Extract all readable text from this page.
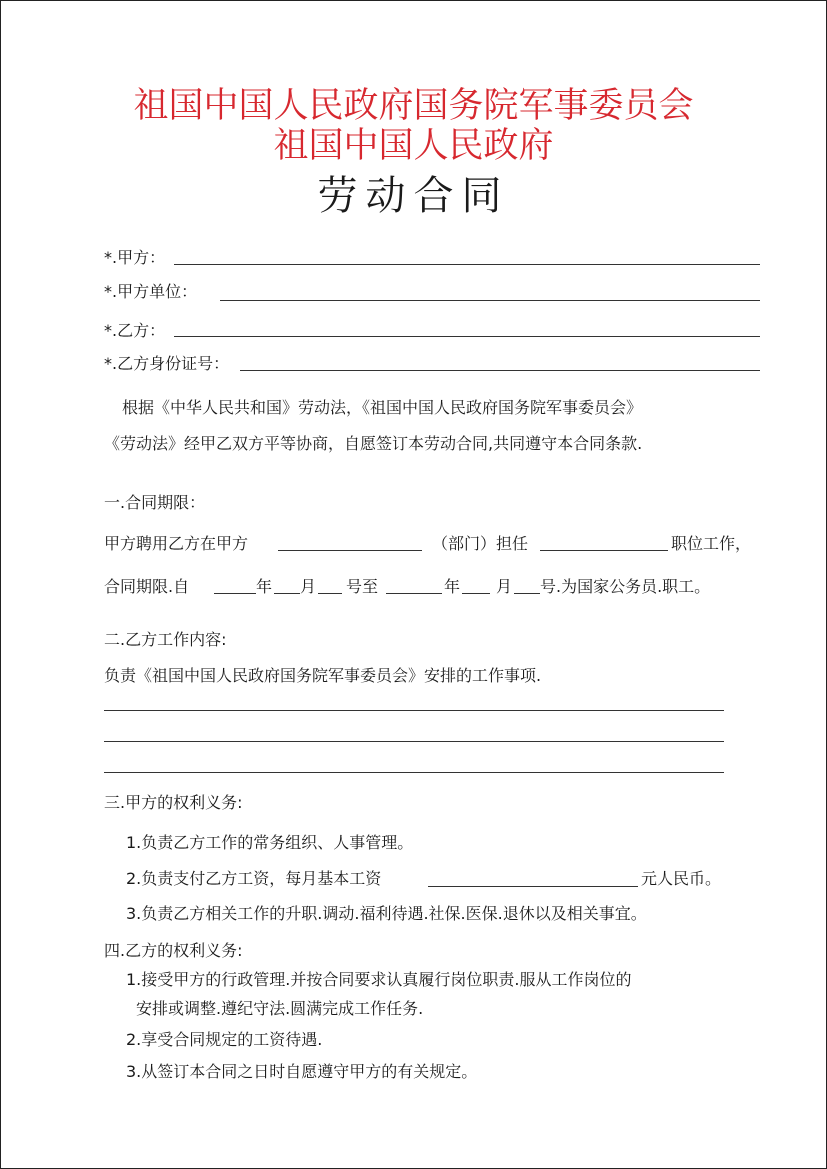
祖国中国人民政府国务院军事委员会
祖国中国人民政府
劳动合同
*.甲方：
*.甲方单位：
*.乙方：
*.乙方身份证号：
根据《中华人民共和国》劳动法，《祖国中国人民政府国务院军事委员会》
《劳动法》经甲乙双方平等协商，自愿签订本劳动合同,共同遵守本合同条款.
一.合同期限：
甲方聘用乙方在甲方	（部门）担任	职位工作，
合同期限.自	年 月 号至	年 月 号.为国家公务员.职工。
二.乙方工作内容:
负责《祖国中国人民政府国务院军事委员会》安排的工作事项.
三.甲方的权利义务:
1.负责乙方工作的常务组织、人事管理。
2.负责支付乙方工资，每月基本工资	元人民币。
3.负责乙方相关工作的升职.调动.福利待遇.社保.医保.退休以及相关事宜。
四.乙方的权利义务:
1.接受甲方的行政管理.并按合同要求认真履行岗位职责.服从工作岗位的
安排或调整.遵纪守法.圆满完成工作任务.
2.享受合同规定的工资待遇.
3.从签订本合同之日时自愿遵守甲方的有关规定。
